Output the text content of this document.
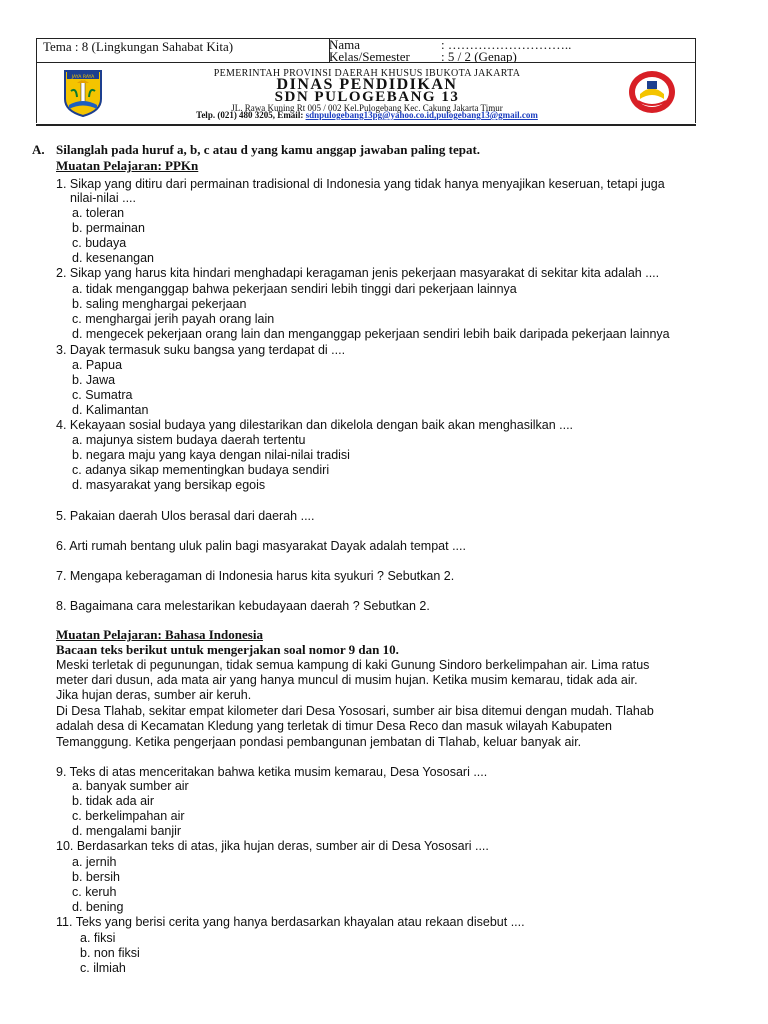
Tema : 8 (Lingkungan Sahabat Kita)	Nama	: ………………………..
Kelas/Semester : 5 / 2 (Genap)
JAYA RAYA	PEMERINTAH PROVINSI DAERAH KHUSUS IBUKOTA JAKARTA
DINAS PENDIDIKAN
SDN PULOGEBANG 13
JL. Rawa Kuning Rt 005 / 002 Kel.Pulogebang Kec. Cakung Jakarta Timur
Telp. (021) 480 3205, Email: sdnpulogebang13pg@yahoo.co.id,pulogebang13@gmail.com
A. Silanglah pada huruf a, b, c atau d yang kamu anggap jawaban paling tepat.
Muatan Pelajaran: PPKn
1. Sikap yang ditiru dari permainan tradisional di Indonesia yang tidak hanya menyajikan keseruan, tetapi juga
nilai-nilai ....
a. toleran
b. permainan
c. budaya
d. kesenangan
2. Sikap yang harus kita hindari menghadapi keragaman jenis pekerjaan masyarakat di sekitar kita adalah ....
a. tidak menganggap bahwa pekerjaan sendiri lebih tinggi dari pekerjaan lainnya
b. saling menghargai pekerjaan
c. menghargai jerih payah orang lain
d. mengecek pekerjaan orang lain dan menganggap pekerjaan sendiri lebih baik daripada pekerjaan lainnya
3. Dayak termasuk suku bangsa yang terdapat di ....
a. Papua
b. Jawa
c. Sumatra
d. Kalimantan
4. Kekayaan sosial budaya yang dilestarikan dan dikelola dengan baik akan menghasilkan ....
a. majunya sistem budaya daerah tertentu
b. negara maju yang kaya dengan nilai-nilai tradisi
c. adanya sikap mementingkan budaya sendiri
d. masyarakat yang bersikap egois
5. Pakaian daerah Ulos berasal dari daerah ....
6. Arti rumah bentang uluk palin bagi masyarakat Dayak adalah tempat ....
7. Mengapa keberagaman di Indonesia harus kita syukuri ? Sebutkan 2.
8. Bagaimana cara melestarikan kebudayaan daerah ? Sebutkan 2.
Muatan Pelajaran: Bahasa Indonesia
Bacaan teks berikut untuk mengerjakan soal nomor 9 dan 10.
Meski terletak di pegunungan, tidak semua kampung di kaki Gunung Sindoro berkelimpahan air. Lima ratus
meter dari dusun, ada mata air yang hanya muncul di musim hujan. Ketika musim kemarau, tidak ada air.
Jika hujan deras, sumber air keruh.
Di Desa Tlahab, sekitar empat kilometer dari Desa Yososari, sumber air bisa ditemui dengan mudah. Tlahab
adalah desa di Kecamatan Kledung yang terletak di timur Desa Reco dan masuk wilayah Kabupaten
Temanggung. Ketika pengerjaan pondasi pembangunan jembatan di Tlahab, keluar banyak air.
9. Teks di atas menceritakan bahwa ketika musim kemarau, Desa Yososari ....
a. banyak sumber air
b. tidak ada air
c. berkelimpahan air
d. mengalami banjir
10. Berdasarkan teks di atas, jika hujan deras, sumber air di Desa Yososari ....
a. jernih
b. bersih
c. keruh
d. bening
11. Teks yang berisi cerita yang hanya berdasarkan khayalan atau rekaan disebut ....
a. fiksi
b. non fiksi
c. ilmiah
